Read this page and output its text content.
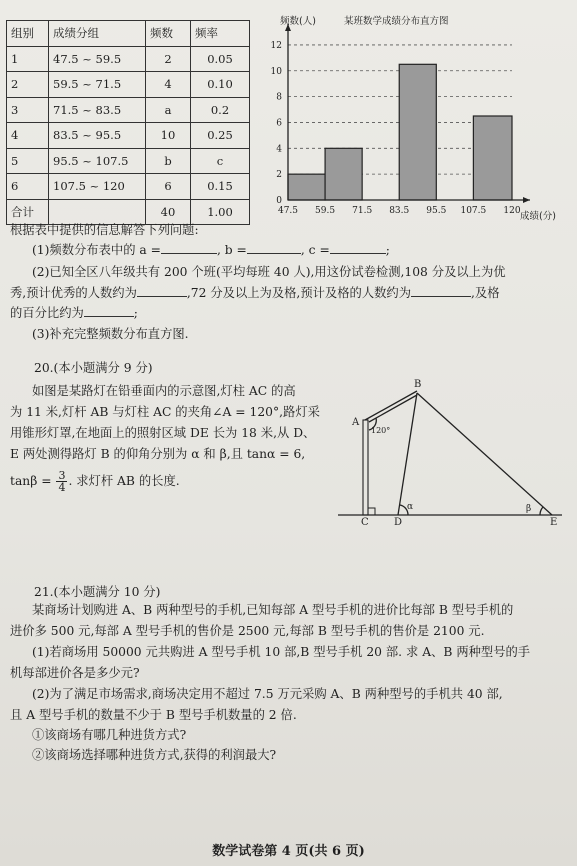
组别	成绩分组	频数	频率
1	47.5 ~ 59.5	2	0.05
2	59.5 ~ 71.5	4	0.10
3	71.5 ~ 83.5	a	0.2
4	83.5 ~ 95.5	10	0.25
5	95.5 ~ 107.5	b	c
6	107.5 ~ 120	6	0.15
合计		40	1.00
0
2
4
6
8
10
12
47.5 59.5 71.5 83.5 95.5 107.5 120
频数(人)	某班数学成绩分布直方图
成绩(分)
根据表中提供的信息解答下列问题:
(1)频数分布表中的 a =	, b =	, c =	;
(2)已知全区八年级共有 200 个班(平均每班 40 人),用这份试卷检测,108 分及以上为优
秀,预计优秀的人数约为	,72 分及以上为及格,预计及格的人数约为	,及格
的百分比约为	;
(3)补充完整频数分布直方图.
20.(本小题满分 9 分)
如图是某路灯在铅垂面内的示意图,灯柱 AC 的高
为 11 米,灯杆 AB 与灯柱 AC 的夹角∠A = 120°,路灯采
用锥形灯罩,在地面上的照射区域 DE 长为 18 米,从 D、
E 两处测得路灯 B 的仰角分别为 α 和 β,且 tanα = 6,
$\tan\beta = \frac{3}{4}$ . 求灯杆 AB 的长度.
B
A
C	D	E
120°
α	β
21.(本小题满分 10 分)
某商场计划购进 A、B 两种型号的手机,已知每部 A 型号手机的进价比每部 B 型号手机的
进价多 500 元,每部 A 型号手机的售价是 2500 元,每部 B 型号手机的售价是 2100 元.
(1)若商场用 50000 元共购进 A 型号手机 10 部,B 型号手机 20 部. 求 A、B 两种型号的手
机每部进价各是多少元?
(2)为了满足市场需求,商场决定用不超过 7.5 万元采购 A、B 两种型号的手机共 40 部,
且 A 型号手机的数量不少于 B 型号手机数量的 2 倍.
①该商场有哪几种进货方式?
②该商场选择哪种进货方式,获得的利润最大?
数学试卷第 4 页(共 6 页)
